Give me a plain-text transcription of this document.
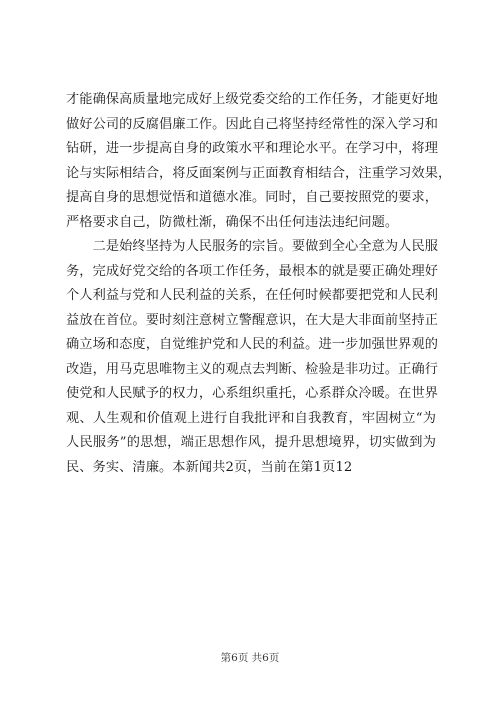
才能确保高质量地完成好上级党委交给的工作任务，才能更好地
做好公司的反腐倡廉工作。因此自己将坚持经常性的深入学习和
钻研，进一步提高自身的政策水平和理论水平。在学习中，将理
论与实际相结合，将反面案例与正面教育相结合，注重学习效果，
提高自身的思想觉悟和道德水准。同时，自己要按照党的要求，
严格要求自己，防微杜渐，确保不出任何违法违纪问题。
　　二是始终坚持为人民服务的宗旨。要做到全心全意为人民服
务，完成好党交给的各项工作任务，最根本的就是要正确处理好
个人利益与党和人民利益的关系，在任何时候都要把党和人民利
益放在首位。要时刻注意树立警醒意识，在大是大非面前坚持正
确立场和态度，自觉维护党和人民的利益。进一步加强世界观的
改造，用马克思唯物主义的观点去判断、检验是非功过。正确行
使党和人民赋予的权力，心系组织重托，心系群众冷暖。在世界
观、人生观和价值观上进行自我批评和自我教育，牢固树立“为
人民服务”的思想，端正思想作风，提升思想境界，切实做到为
民、务实、清廉。本新闻共2页，当前在第1页12
第6页 共6页
